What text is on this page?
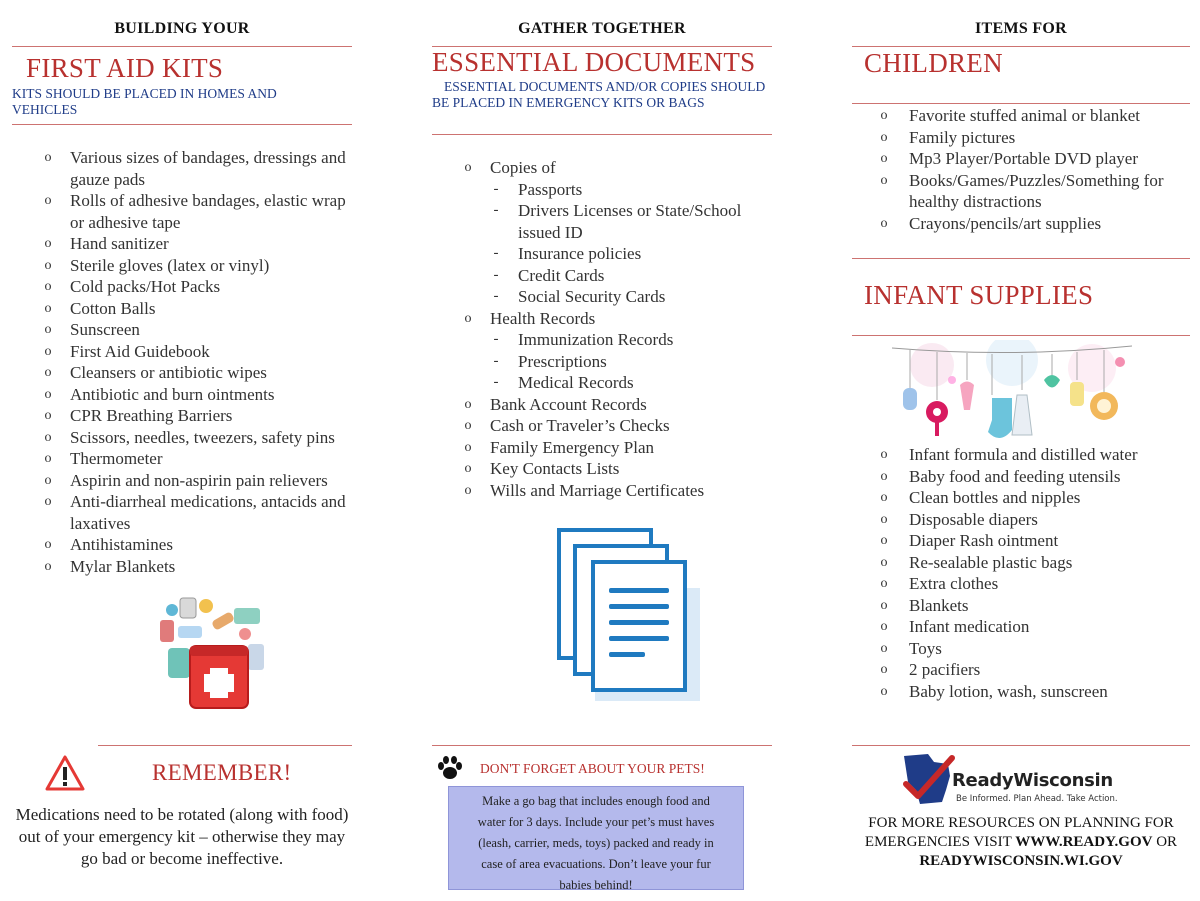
BUILDING YOUR
FIRST AID KITS
KITS SHOULD BE PLACED IN HOMES AND VEHICLES
o	Various sizes of bandages, dressings and gauze pads
o	Rolls of adhesive bandages, elastic wrap or adhesive tape
o	Hand sanitizer
o	Sterile gloves (latex or vinyl)
o	Cold packs/Hot Packs
o	Cotton Balls
o	Sunscreen
o	First Aid Guidebook
o	Cleansers or antibiotic wipes
o	Antibiotic and burn ointments
o	CPR Breathing Barriers
o	Scissors, needles, tweezers, safety pins
o	Thermometer
o	Aspirin and non-aspirin pain relievers
o	Anti-diarrheal medications, antacids and laxatives
o	Antihistamines
o	Mylar Blankets
REMEMBER!
Medications need to be rotated (along with food) out of your emergency kit – otherwise they may go bad or become ineffective.
GATHER TOGETHER
ESSENTIAL DOCUMENTS
ESSENTIAL DOCUMENTS AND/OR COPIES SHOULD BE PLACED IN EMERGENCY KITS OR BAGS
o	Copies of
-	Passports
-	Drivers Licenses or State/School issued ID
-	Insurance policies
-	Credit Cards
-	Social Security Cards
o	Health Records
-	Immunization Records
-	Prescriptions
-	Medical Records
o	Bank Account Records
o	Cash or Traveler’s Checks
o	Family Emergency Plan
o	Key Contacts Lists
o	Wills and Marriage Certificates
DON'T FORGET ABOUT YOUR PETS!
Make a go bag that includes enough food and water for 3 days. Include your pet’s must haves (leash, carrier, meds, toys) packed and ready in case of area evacuations. Don’t leave your fur babies behind!
ITEMS FOR
CHILDREN
o	Favorite stuffed animal or blanket
o	Family pictures
o	Mp3 Player/Portable DVD player
o	Books/Games/Puzzles/Something for healthy distractions
o	Crayons/pencils/art supplies
INFANT SUPPLIES
o	Infant formula and distilled water
o	Baby food and feeding utensils
o	Clean bottles and nipples
o	Disposable diapers
o	Diaper Rash ointment
o	Re-sealable plastic bags
o	Extra clothes
o	Blankets
o	Infant medication
o	Toys
o	2 pacifiers
o	Baby lotion, wash, sunscreen
ReadyWisconsin
Be Informed. Plan Ahead. Take Action.
FOR MORE RESOURCES ON PLANNING FOR
EMERGENCIES VISIT WWW.READY.GOV OR
READYWISCONSIN.WI.GOV
